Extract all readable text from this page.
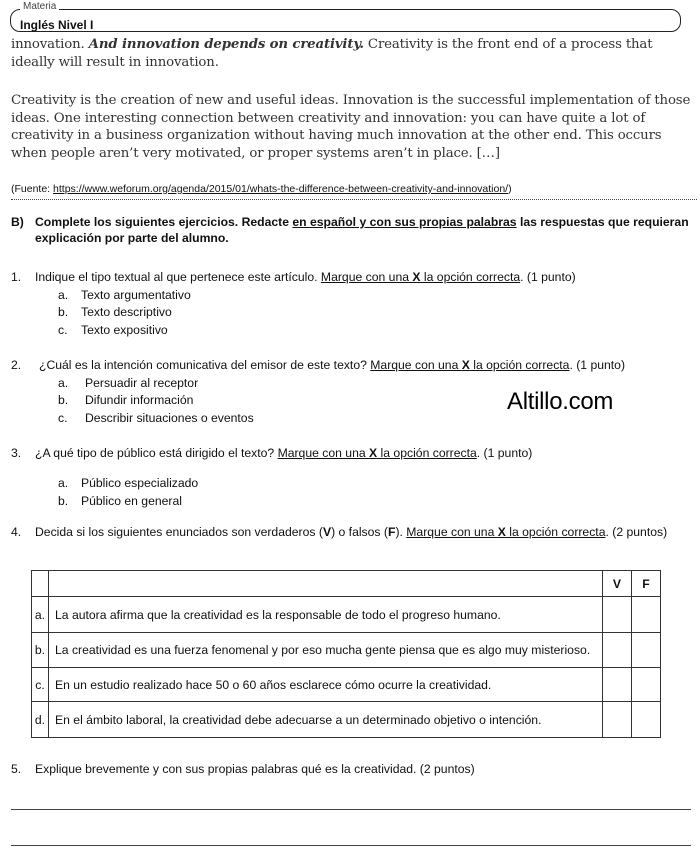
Materia
Inglés Nivel I
innovation. And innovation depends on creativity. Creativity is the front end of a process that ideally will result in innovation.
Creativity is the creation of new and useful ideas. Innovation is the successful implementation of those ideas. One interesting connection between creativity and innovation: you can have quite a lot of creativity in a business organization without having much innovation at the other end. This occurs when people aren’t very motivated, or proper systems aren’t in place. […]
(Fuente: https://www.weforum.org/agenda/2015/01/whats-the-difference-between-creativity-and-innovation/)
B) Complete los siguientes ejercicios. Redacte en español y con sus propias palabras las respuestas que requieran explicación por parte del alumno.
1. Indique el tipo textual al que pertenece este artículo. Marque con una X la opción correcta. (1 punto)
a. Texto argumentativo
b. Texto descriptivo
c. Texto expositivo
2. ¿Cuál es la intención comunicativa del emisor de este texto? Marque con una X la opción correcta. (1 punto)
a. Persuadir al receptor
b. Difundir información
c. Describir situaciones o eventos
Altillo.com
3. ¿A qué tipo de público está dirigido el texto? Marque con una X la opción correcta. (1 punto)
a. Público especializado
b. Público en general
4. Decida si los siguientes enunciados son verdaderos (V) o falsos (F). Marque con una X la opción correcta. (2 puntos)
		V	F
a.	La autora afirma que la creatividad es la responsable de todo el progreso humano.		
b.	La creatividad es una fuerza fenomenal y por eso mucha gente piensa que es algo muy misterioso.		
c.	En un estudio realizado hace 50 o 60 años esclarece cómo ocurre la creatividad.		
d.	En el ámbito laboral, la creatividad debe adecuarse a un determinado objetivo o intención.		
5. Explique brevemente y con sus propias palabras qué es la creatividad. (2 puntos)
